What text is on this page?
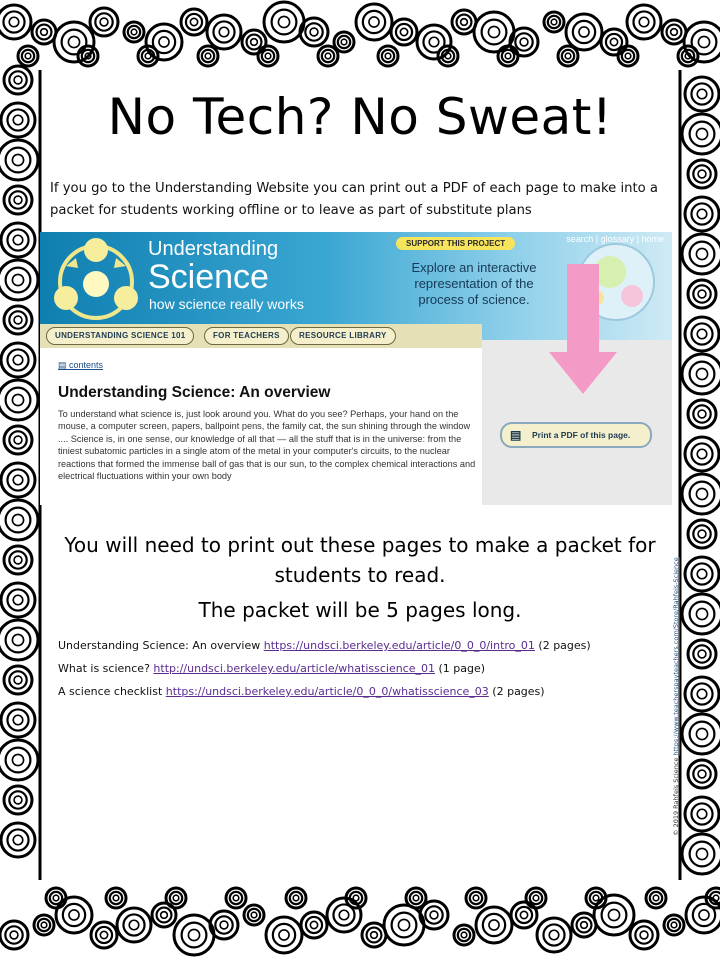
No Tech? No Sweat!
If you go to the Understanding Website you can print out a PDF of each page to make into a packet for students working offline or to leave as part of substitute plans
Understanding
Science
how science really works
SUPPORT THIS PROJECT	search | glossary | home
Explore an interactive representation of the process of science.
UNDERSTANDING SCIENCE 101	FOR TEACHERS	RESOURCE LIBRARY
▤ contents
Understanding Science: An overview
To understand what science is, just look around you. What do you see? Perhaps, your hand on the mouse, a computer screen, papers, ballpoint pens, the family cat, the sun shining through the window .... Science is, in one sense, our knowledge of all that — all the stuff that is in the universe: from the tiniest subatomic particles in a single atom of the metal in your computer's circuits, to the nuclear reactions that formed the immense ball of gas that is our sun, to the complex chemical interactions and electrical fluctuations within your own body
▤ Print a PDF of this page.
You will need to print out these pages to make a packet for students to read.
The packet will be 5 pages long.
Understanding Science: An overview https://undsci.berkeley.edu/article/0_0_0/intro_01 (2 pages)
What is science? http://undsci.berkeley.edu/article/whatisscience_01 (1 page)
A science checklist https://undsci.berkeley.edu/article/0_0_0/whatisscience_03 (2 pages)
© 2019 Rahfeis Science https://www.teacherspayteachers.com/Store/Rahfeis-Science
